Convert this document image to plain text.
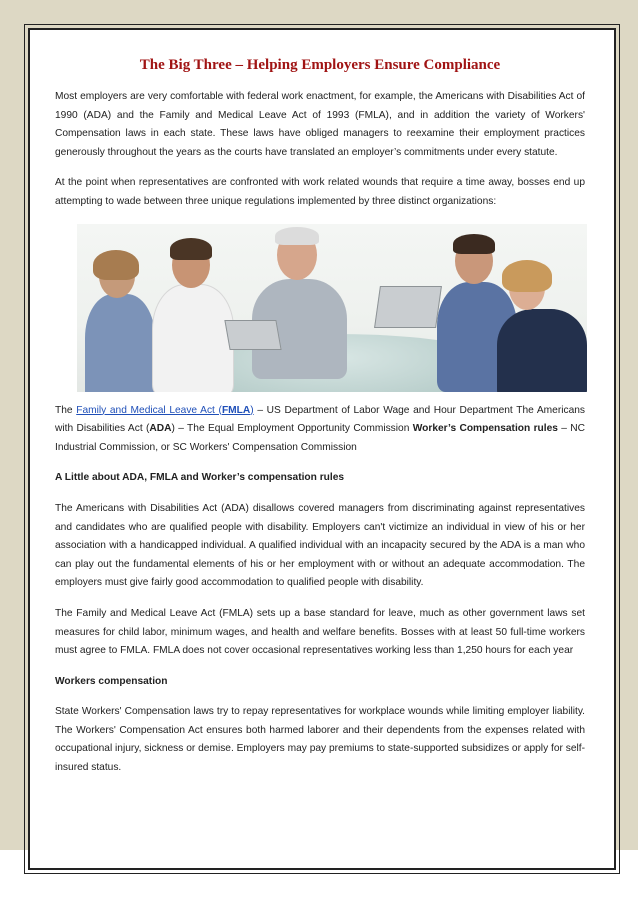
The Big Three – Helping Employers Ensure Compliance

Most employers are very comfortable with federal work enactment, for example, the Americans with Disabilities Act of 1990 (ADA) and the Family and Medical Leave Act of 1993 (FMLA), and in addition the variety of Workers' Compensation laws in each state. These laws have obliged managers to reexamine their employment practices generously throughout the years as the courts have translated an employer’s commitments under every statute.

At the point when representatives are confronted with work related wounds that require a time away, bosses end up attempting to wade between three unique regulations implemented by three distinct organizations:

The Family and Medical Leave Act (FMLA) – US Department of Labor Wage and Hour Department The Americans with Disabilities Act (ADA) – The Equal Employment Opportunity Commission Worker’s Compensation rules – NC Industrial Commission, or SC Workers' Compensation Commission

A Little about ADA, FMLA and Worker’s compensation rules

The Americans with Disabilities Act (ADA) disallows covered managers from discriminating against representatives and candidates who are qualified people with disability. Employers can't victimize an individual in view of his or her association with a handicapped individual. A qualified individual with an incapacity secured by the ADA is a man who can play out the fundamental elements of his or her employment with or without an adequate accommodation. The employers must give fairly good accommodation to qualified people with disability.

The Family and Medical Leave Act (FMLA) sets up a base standard for leave, much as other government laws set measures for child labor, minimum wages, and health and welfare benefits. Bosses with at least 50 full-time workers must agree to FMLA. FMLA does not cover occasional representatives working less than 1,250 hours for each year

Workers compensation

State Workers' Compensation laws try to repay representatives for workplace wounds while limiting employer liability. The Workers' Compensation Act ensures both harmed laborer and their dependents from the expenses related with occupational injury, sickness or demise. Employers may pay premiums to state-supported subsidizes or apply for self-insured status.
